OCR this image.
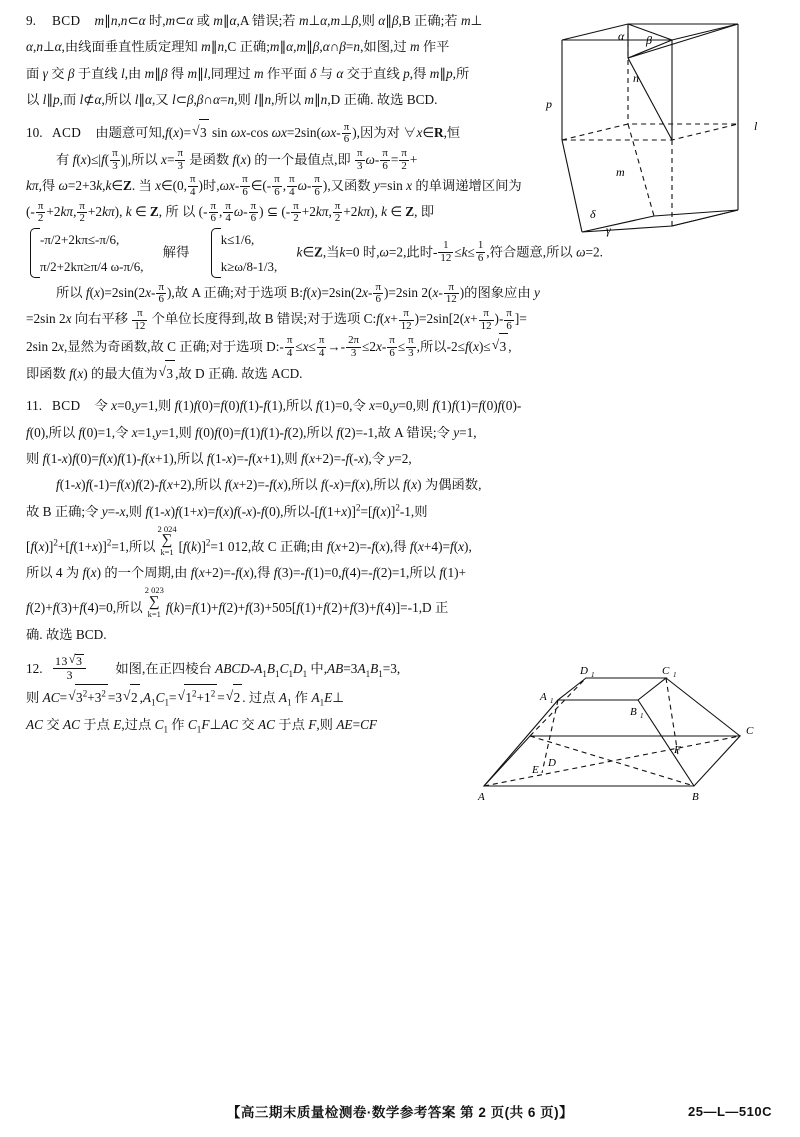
α β
n
p
l
m
δ
γ
9. BCD m∥n,n⊂α 时,m⊂α 或 m∥α,A 错误;若 m⊥α,m⊥β,则 α∥β,B 正确;若 m⊥
α,n⊥α,由线面垂直性质定理知 m∥n,C 正确;m∥α,m∥β,α∩β=n,如图,过 m 作平
面 γ 交 β 于直线 l,由 m∥β 得 m∥l,同理过 m 作平面 δ 与 α 交于直线 p,得 m∥p,所
以 l∥p,而 l⊄α,所以 l∥α,又 l⊂β,β∩α=n,则 l∥n,所以 m∥n,D 正确. 故选 BCD.
10. ACD 由题意可知,f(x)= √ 3 sin ωx-cos $\omega x=2\sin(\omega x- \frac{\pi}{6}$ ),因为对 ∀x∈R,恒
有 $f(x)\le|f( \frac{\pi}{3}$ )|,所以 $x= \frac{\pi}{3}$ 是函数 f(x) 的一个最值点,即 $\frac{\pi}{3} \omega- \frac{\pi}{6} = \frac{\pi}{2}$ +
kπ,得 ω=2+3k,k∈Z. 当 x∈(0, $\frac{\pi}{4}$ )时$,\omega x- \frac{\pi}{6}$ ∈(- $\frac{\pi}{6}$ , $\frac{\pi}{4} \omega- \frac{\pi}{6}$ ),又函数 y=sin x 的单调递增区间为
(- $\frac{\pi}{2} +2k\pi$, $\frac{\pi}{2} +2k\pi$), k ∈ Z, 所 以 (- $\frac{\pi}{6}$ , $\frac{\pi}{4} \omega- \frac{\pi}{6}$ ) ⊆ (- $\frac{\pi}{2} +2k\pi$, $\frac{\pi}{2} +2k\pi$), k ∈ Z, 即
-π/2+2kπ≤-π/6,
π/2+2kπ≥π/4 ω-π/6,
解得
k≤1/6,
k≥ω/8-1/3,
k∈Z,当k=0 时,ω=2,此时- $\frac{1}{12} \le k\le \frac{1}{6}$ ,符合题意,所以 ω=2.
所以 $f(x)=2\sin(2x- \frac{\pi}{6}$ ),故 A 正确;对于选项 B:f(x)=2sin(2x- $\frac{\pi}{6} )=2\sin$ $2(x- \frac{\pi}{12}$ )的图象应由 y
=2sin 2x 向右平移 $\frac{\pi}{12}$ 个单位长度得到,故 B 错误;对于选项 C:f(x+ $\frac{\pi}{12} )=2\sin[2(x+ \frac{\pi}{12}$ )- $\frac{\pi}{6}$ ]=
2sin 2x,显然为奇函数,故 C 正确;对于选项 D:- $\frac{\pi}{4} \le x\le \frac{\pi}{4} \to- \frac{2\pi}{3} \le 2x- \frac{\pi}{6} \le \frac{\pi}{3}$ ,所以-2≤f(x)≤ √ 3 ,
即函数 f(x) 的最大值为 √ 3 ,故 D 正确. 故选 ACD.
11. BCD 令 x=0,y=1,则 f(1)f(0)=f(0)f(1)-f(1),所以 f(1)=0,令 x=0,y=0,则 f(1)f(1)=f(0)f(0)-
f(0),所以 f(0)=1,令 x=1,y=1,则 f(0)f(0)=f(1)f(1)-f(2),所以 f(2)=-1,故 A 错误;令 y=1,
则 f(1-x)f(0)=f(x)f(1)-f(x+1),所以 f(1-x)=-f(x+1),则 f(x+2)=-f(-x),令 y=2,
f(1-x)f(-1)=f(x)f(2)-f(x+2),所以 f(x+2)=-f(x),所以 f(-x)=f(x),所以 f(x) 为偶函数,
故 B 正确;令 y=-x,则 f(1-x)f(1+x)=f(x)f(-x)-f(0),所以$-[f(1+x)]^2=[f(x)]^2-1$,则
$[f(x)]^2+[f(1+x)]^2=1$,所以
2 024
∑
k=1 $[f(k)]^2=1$ 012,故 C 正确;由 f(x+2)=-f(x),得 f(x+4)=f(x),
所以 4 为 f(x) 的一个周期,由 f(x+2)=-f(x),得 f(3)=-f(1)=0,f(4)=-f(2)=1,所以 f(1)+
f(2)+f(3)+f(4)=0,所以
2 023
∑
k=1 f(k)=f(1)+f(2)+f(3)+505[f(1)+f(2)+f(3)+f(4)]=-1,D 正
确. 故选 BCD.
D 1	C 1
A 1
B 1
E
D
F
A	B
C
12. $\frac{13 √ 3}{3}$ 如图,在正四棱台 ABCD-$A_1B_1C_1D_1$ 中$,AB=3A_1B_1=3$,
则 AC= √ $3^2+3^2 =3$ √ 2 $,A_1C_1=$ √ $1^2+1^2$ = √ 2 . 过点 $A_1$ 作 $A_1E\perp$
AC 交 AC 于点 E,过点 $C_1$ 作 $C_1F\perp AC$ 交 AC 于点 F,则 AE=CF
【高三期末质量检测卷·数学参考答案 第 2 页(共 6 页)】	25—L—510C
